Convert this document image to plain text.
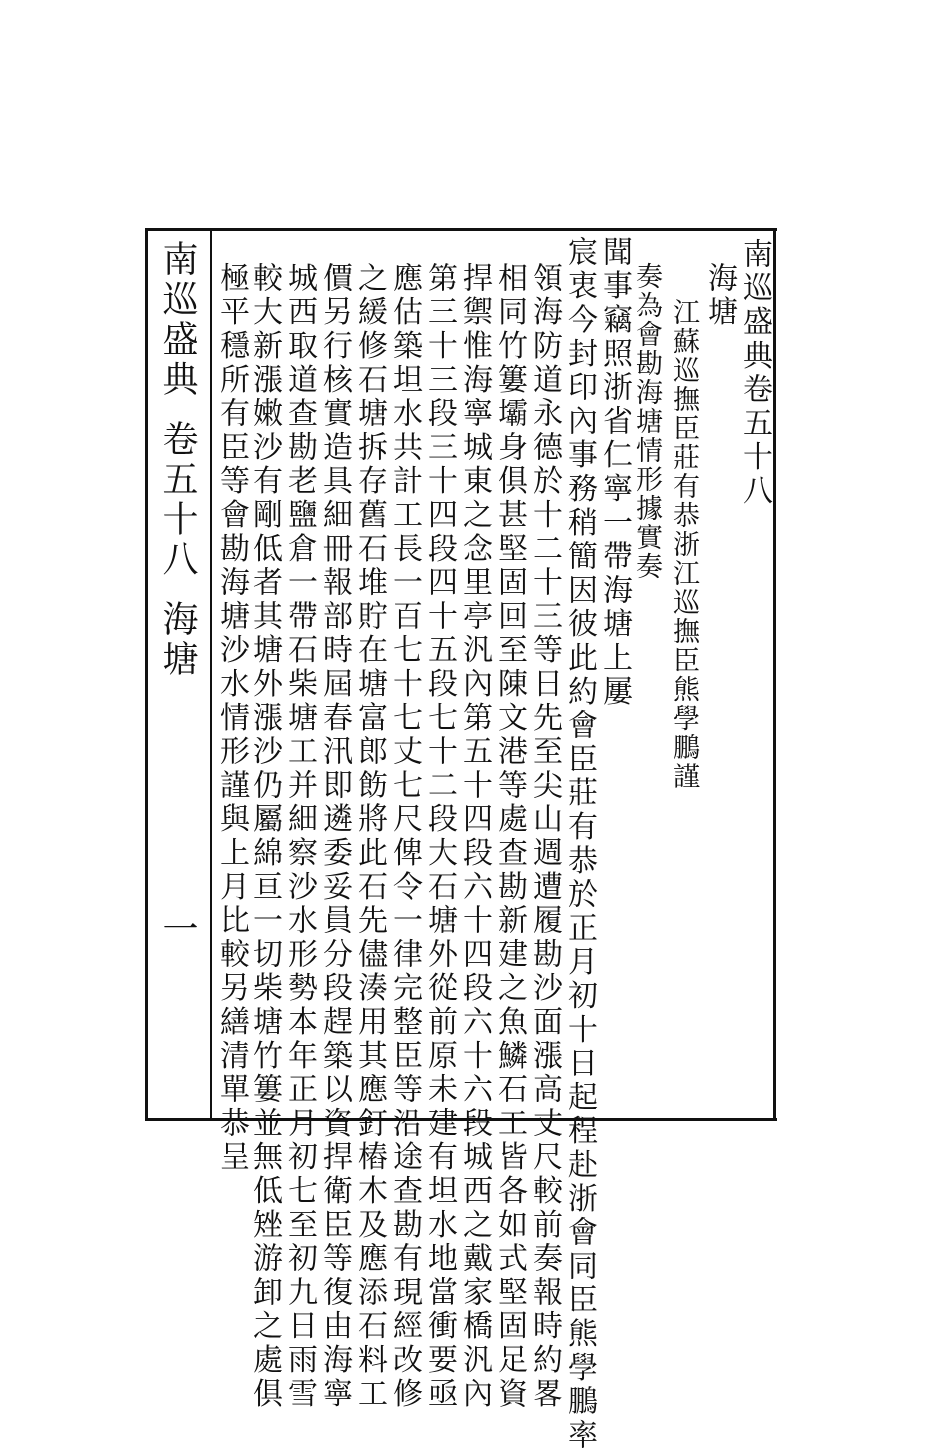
南巡盛典卷五十八
海塘
江蘇巡撫臣莊有恭浙江巡撫臣熊學鵬謹
奏為會勘海塘情形據實奏
聞事竊照浙省仁寧一帶海塘上屢
宸衷今封印內事務稍簡因彼此約會臣莊有恭於正月初十日起程赴浙會同臣熊學鵬率
領海防道永德於十二十三等日先至尖山週遭履勘沙面漲高丈尺較前奏報時約畧
相同竹簍壩身俱甚堅固回至陳文港等處查勘新建之魚鱗石工皆各如式堅固足資
捍禦惟海寧城東之念里亭汎內第五十四段六十四段六十六段城西之戴家橋汎內
第三十三段三十四段四十五段七十二段大石塘外從前原未建有坦水地當衝要亟
應估築坦水共計工長一百七十七丈七尺俾令一律完整臣等沿途查勘有現經改修
之緩修石塘拆存舊石堆貯在塘富郎飭將此石先儘湊用其應釘樁木及應添石料工
價另行核實造具細冊報部時屆春汛即遴委妥員分段趕築以資捍衛臣等復由海寧
城西取道查勘老鹽倉一帶石柴塘工并細察沙水形勢本年正月初七至初九日雨雪
較大新漲嫩沙有剛低者其塘外漲沙仍屬綿亘一切柴塘竹簍並無低矬游卸之處俱
極平穩所有臣等會勘海塘沙水情形謹與上月比較另繕清單恭呈
南巡盛典
卷五十八
海塘
一
